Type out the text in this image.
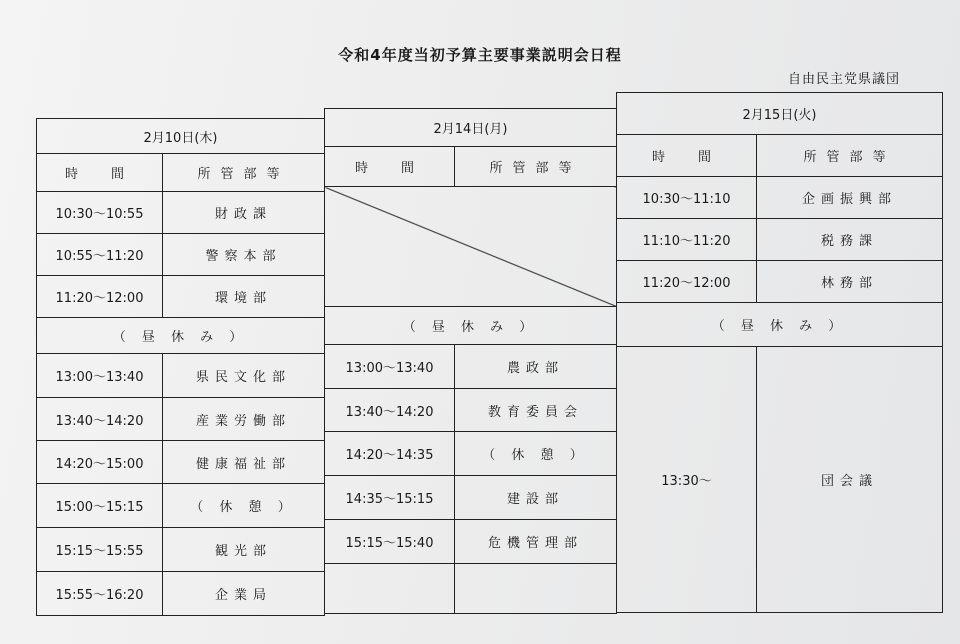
令和4年度当初予算主要事業説明会日程
自由民主党県議団
2月10日(木)	
時　間	所管部等
10:30〜10:55	財政課
10:55〜11:20	警察本部
11:20〜12:00	環境部
（ 昼 休 み ）	
13:00〜13:40	県民文化部
13:40〜14:20	産業労働部
14:20〜15:00	健康福祉部
15:00〜15:15	（ 休 憩 ）
15:15〜15:55	観光部
15:55〜16:20	企業局
2月14日(月)	
時　間	所管部等

（ 昼 休 み ）	
13:00〜13:40	農政部
13:40〜14:20	教育委員会
14:20〜14:35	（ 休 憩 ）
14:35〜15:15	建設部
15:15〜15:40	危機管理部

2月15日(火)	
時　間	所管部等
10:30〜11:10	企画振興部
11:10〜11:20	税務課
11:20〜12:00	林務部
（ 昼 休 み ）	
13:30〜	団会議
